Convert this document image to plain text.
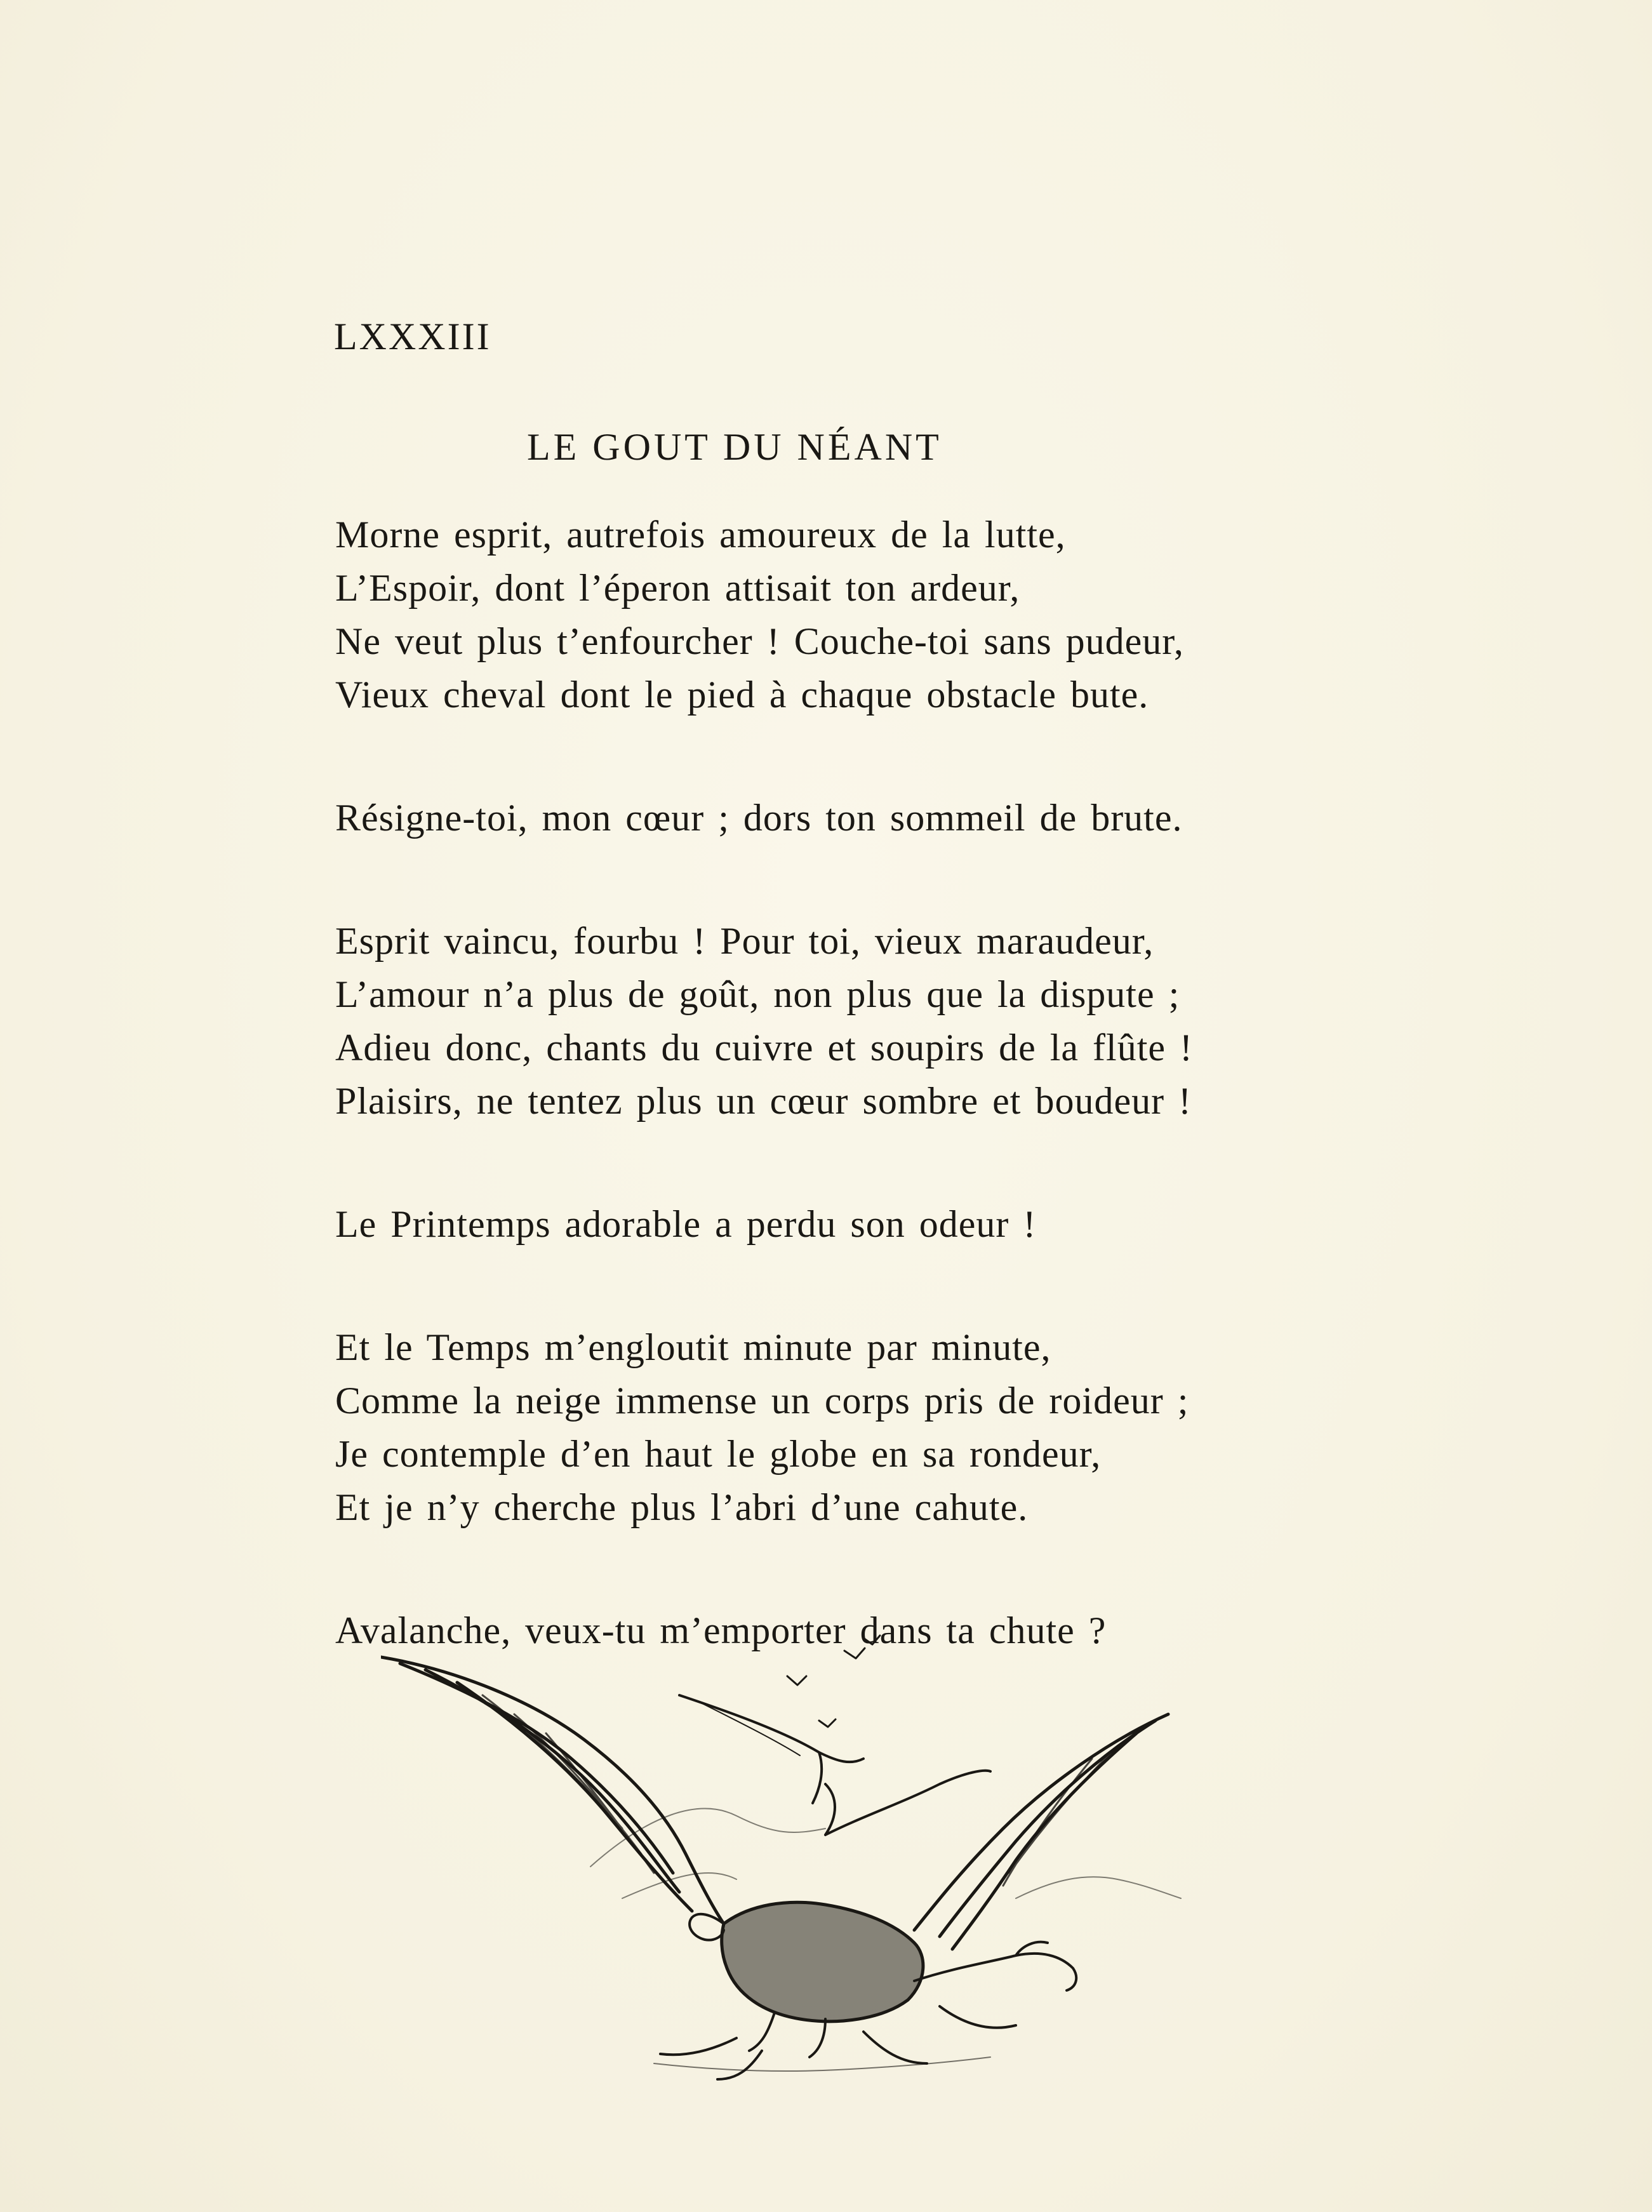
LXXXIII
LE GOUT DU NÉANT
Morne esprit, autrefois amoureux de la lutte,
L’Espoir, dont l’éperon attisait ton ardeur,
Ne veut plus t’enfourcher ! Couche-toi sans pudeur,
Vieux cheval dont le pied à chaque obstacle bute.
Résigne-toi, mon cœur ; dors ton sommeil de brute.
Esprit vaincu, fourbu ! Pour toi, vieux maraudeur,
L’amour n’a plus de goût, non plus que la dispute ;
Adieu donc, chants du cuivre et soupirs de la flûte !
Plaisirs, ne tentez plus un cœur sombre et boudeur !
Le Printemps adorable a perdu son odeur !
Et le Temps m’engloutit minute par minute,
Comme la neige immense un corps pris de roideur ;
Je contemple d’en haut le globe en sa rondeur,
Et je n’y cherche plus l’abri d’une cahute.
Avalanche, veux-tu m’emporter dans ta chute ?
